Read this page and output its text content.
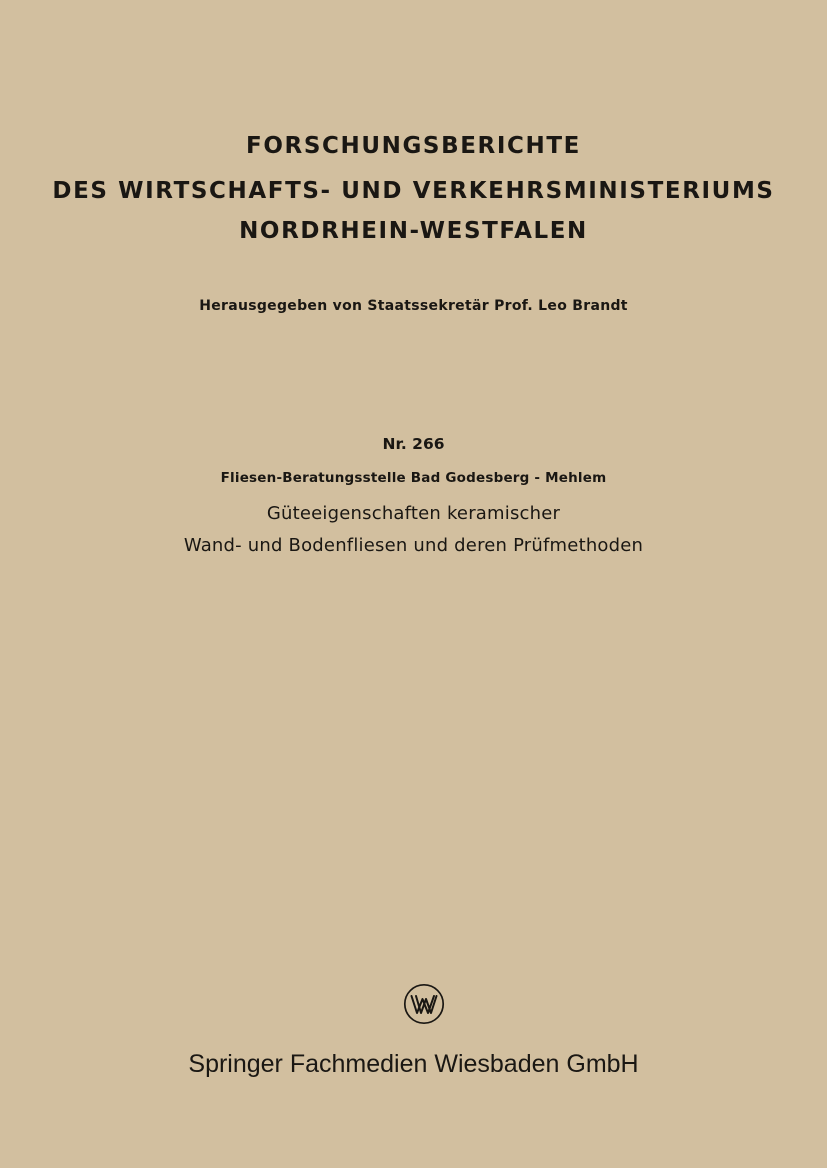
FORSCHUNGSBERICHTE
DES WIRTSCHAFTS- UND VERKEHRSMINISTERIUMS
NORDRHEIN-WESTFALEN
Herausgegeben von Staatssekretär Prof. Leo Brandt
Nr. 266
Fliesen-Beratungsstelle Bad Godesberg - Mehlem
Güteeigenschaften keramischer
Wand- und Bodenfliesen und deren Prüfmethoden
Springer Fachmedien Wiesbaden GmbH
